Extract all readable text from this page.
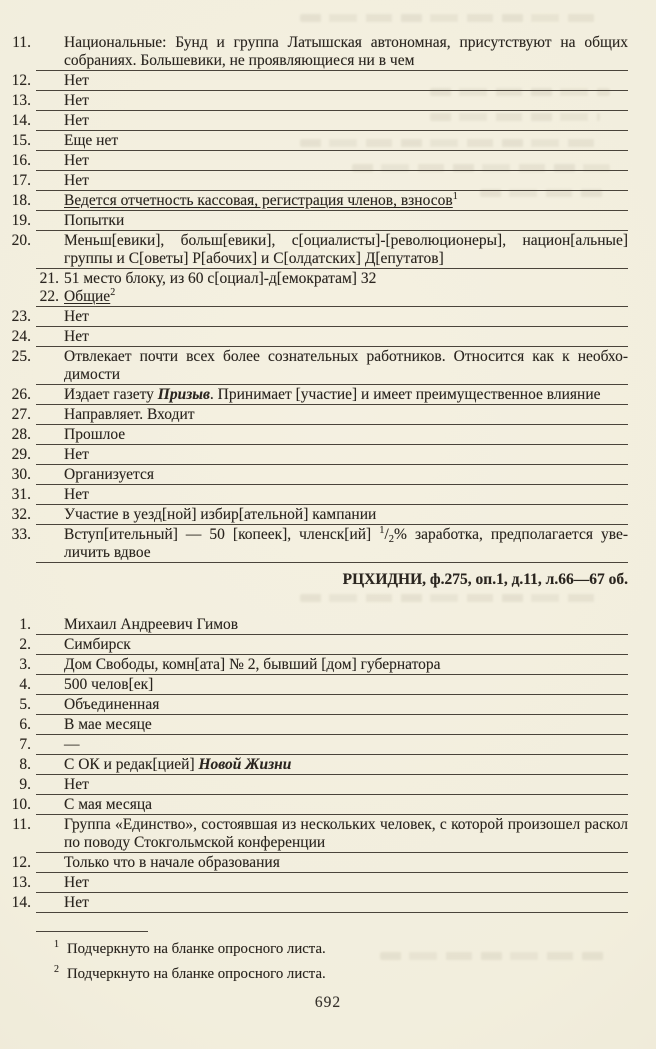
11. Национальные: Бунд и группа Латышская автономная, присутствуют на общих собраниях. Большевики, не проявляющиеся ни в чем
12. Нет
13. Нет
14. Нет
15. Еще нет
16. Нет
17. Нет
18. Ведется отчетность кассовая, регистрация членов, взносов$^1$
19. Попытки
20. Меньш[евики], больш[евики], с[оциалисты]-[революционеры], национ[альные] группы и С[оветы] Р[абочих] и С[олдатских] Д[епутатов]
21. 51 место блоку, из 60 с[оциал]-д[емократам] 32
22. Общие$^2$
23. Нет
24. Нет
25. Отвлекает почти всех более сознательных работников. Относится как к необходимости
26. Издает газету Призыв. Принимает [участие] и имеет преимущественное влияние
27. Направляет. Входит
28. Прошлое
29. Нет
30. Организуется
31. Нет
32. Участие в уезд[ной] избир[ательной] кампании
33. Вступ[ительный] — 50 [копеек], членск[ий] $^1/_2\%$ заработка, предполагается увеличить вдвое
РЦХИДНИ, ф.275, оп.1, д.11, л.66—67 об.
1. Михаил Андреевич Гимов
2. Симбирск
3. Дом Свободы, комн[ата] № 2, бывший [дом] губернатора
4. 500 челов[ек]
5. Объединенная
6. В мае месяце
7. —
8. С ОК и редак[цией] Новой Жизни
9. Нет
10. С мая месяца
11. Группа «Единство», состоявшая из нескольких человек, с которой произошел раскол по поводу Стокгольмской конференции
12. Только что в начале образования
13. Нет
14. Нет

$^1$ Подчеркнуто на бланке опросного листа.

$^2$ Подчеркнуто на бланке опросного листа.

692
